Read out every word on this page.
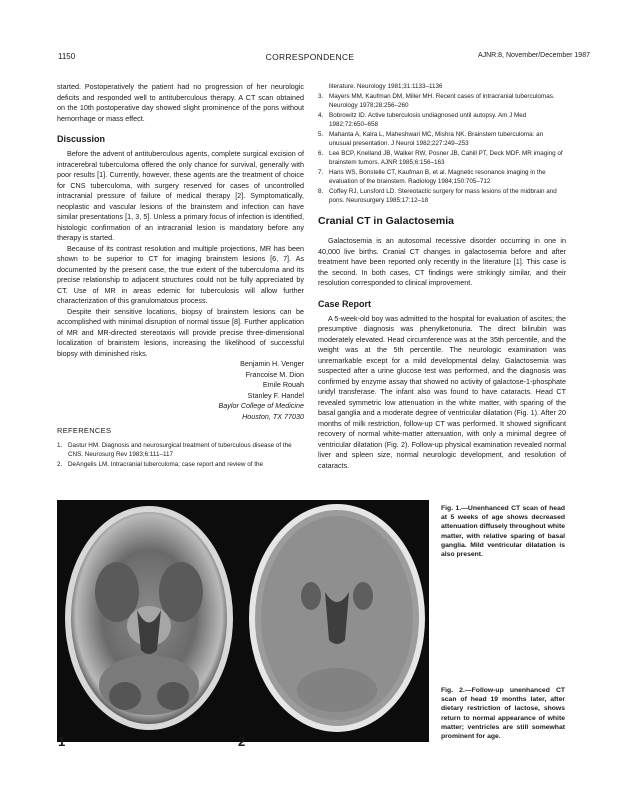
1150	CORRESPONDENCE	AJNR:8, November/December 1987

started. Postoperatively the patient had no progression of her neurologic deficits and responded well to antituberculous therapy. A CT scan obtained on the 10th postoperative day showed slight prominence of the pons without hemorrhage or mass effect.

Discussion

Before the advent of antituberculous agents, complete surgical excision of intracerebral tuberculoma offered the only chance for survival, generally with poor results [1]. Currently, however, these agents are the treatment of choice for CNS tuberculoma, with surgery reserved for cases of uncontrolled intracranial pressure of failure of medical therapy [2]. Symptomatically, neoplastic and vascular lesions of the brainstem and infection can have similar presentations [1, 3, 5]. Unless a primary focus of infection is identified, histologic confirmation of an intracranial lesion is mandatory before any therapy is started.

Because of its contrast resolution and multiple projections, MR has been shown to be superior to CT for imaging brainstem lesions [6, 7]. As documented by the present case, the true extent of the tuberculoma and its precise relationship to adjacent structures could not be fully appreciated by CT. Use of MR in areas edemic for tuberculosis will allow further characterization of this granulomatous process.

Despite their sensitive locations, biopsy of brainstem lesions can be accomplished with minimal disruption of normal tissue [8]. Further application of MR and MR-directed stereotaxis will provide precise three-dimensional localization of brainstem lesions, increasing the likelihood of successful biopsy with diminished risks.

Benjamin H. Venger
Francoise M. Dion
Emile Rouah
Stanley F. Handel
Baylor College of Medicine
Houston, TX 77030
REFERENCES
1. Dastur HM. Diagnosis and neurosurgical treatment of tuberculous disease of the CNS. Neurosurg Rev 1983;6:111–117
2. DeAngelis LM. Intracranial tuberculoma; case report and review of the
literature. Neurology 1981;31:1133–1136
3. Mayers MM, Kaufman DM, Miller MH. Recent cases of intracranial tuberculomas. Neurology 1978;28:256–260
4. Bobrowitz ID. Active tuberculosis undiagnosed until autopsy. Am J Med 1982;72:650–658
5. Mahanta A, Kalra L, Maheshwari MC, Mishra NK. Brainstem tuberculoma: an unusual presentation. J Neurol 1982;227:249–253
6. Lee BCP, Knelland JB, Walker RW, Posner JB, Cahill PT, Deck MDF. MR imaging of brainstem tumors. AJNR 1985;6:156–163
7. Hans WS, Bonstelle CT, Kaufman B, et al. Magnetic resonance imaging in the evaluation of the brainstem. Radiology 1984;150:705–712
8. Coffey RJ, Lunsford LD. Stereotactic surgery for mass lesions of the midbrain and pons. Neurosurgery 1985;17:12–18
Cranial CT in Galactosemia

Galactosemia is an autosomal recessive disorder occurring in one in 40,000 live births. Cranial CT changes in galactosemia before and after treatment have been reported only recently in the literature [1]. This case is the second. In both cases, CT findings were strikingly similar, and their resolution corresponded to clinical improvement.

Case Report

A 5-week-old boy was admitted to the hospital for evaluation of ascites; the presumptive diagnosis was phenylketonuria. The direct bilirubin was moderately elevated. Head circumference was at the 35th percentile, and the weight was at the 5th percentile. The neurologic examination was unremarkable except for a mild developmental delay. Galactosemia was suspected after a urine glucose test was performed, and the diagnosis was confirmed by enzyme assay that showed no activity of galactose-1-phosphate uridyl transferase. The infant also was found to have cataracts. Head CT revealed symmetric low attenuation in the white matter, with sparing of the basal ganglia and a moderate degree of ventricular dilatation (Fig. 1). After 20 months of milk restriction, follow-up CT was performed. It showed significant recovery of normal white-matter attenuation, with only a minimal degree of ventricular dilatation (Fig. 2). Follow-up physical examination revealed normal liver and spleen size, normal neurologic development, and resolution of cataracts.

1	2
Fig. 1.—Unenhanced CT scan of head at 5 weeks of age shows decreased attenuation diffusely throughout white matter, with relative sparing of basal ganglia. Mild ventricular dilatation is also present.
Fig. 2.—Follow-up unenhanced CT scan of head 19 months later, after dietary restriction of lactose, shows return to normal appearance of white matter; ventricles are still somewhat prominent for age.
